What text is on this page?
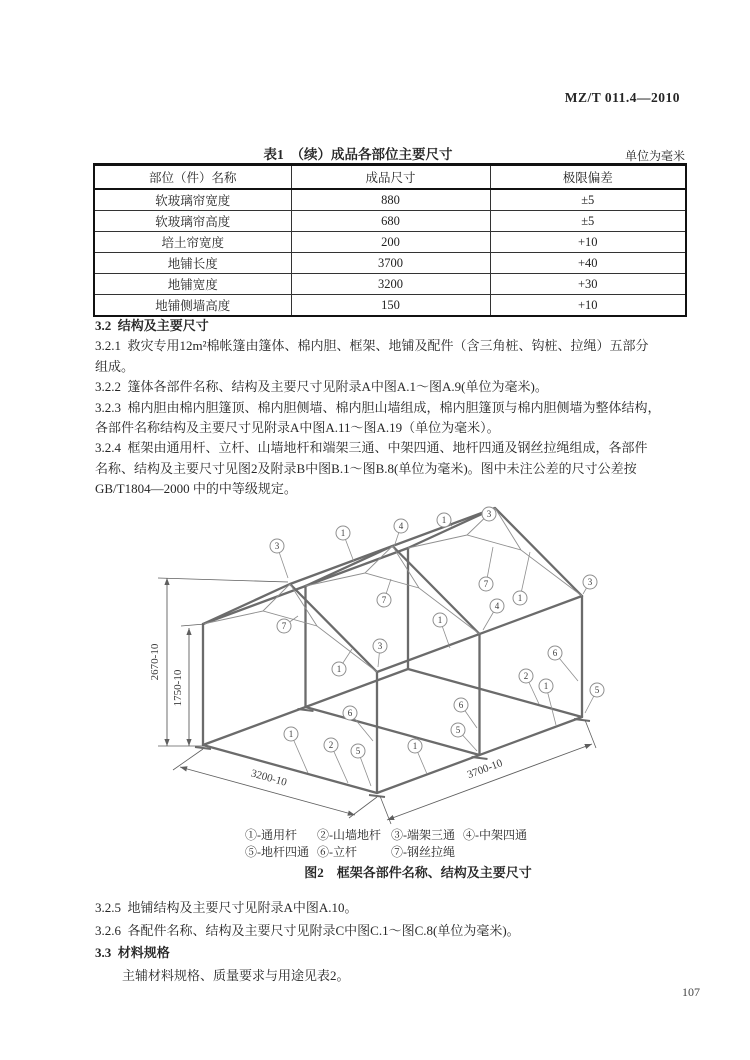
MZ/T 011.4—2010
表1　（续）成品各部位主要尺寸	单位为毫米
部位（件）名称	成品尺寸	极限偏差
软玻璃帘宽度	880	±5
软玻璃帘高度	680	±5
培土帘宽度	200	+10
地铺长度	3700	+40
地铺宽度	3200	+30
地铺侧墙高度	150	+10
3.2  结构及主要尺寸
3.2.1  救灾专用12m²棉帐篷由篷体、棉内胆、框架、地铺及配件（含三角桩、钩桩、拉绳）五部分
组成。
3.2.2  篷体各部件名称、结构及主要尺寸见附录A中图A.1～图A.9(单位为毫米)。
3.2.3  棉内胆由棉内胆篷顶、棉内胆侧墙、棉内胆山墙组成，棉内胆篷顶与棉内胆侧墙为整体结构，
各部件名称结构及主要尺寸见附录A中图A.11～图A.19（单位为毫米）。
3.2.4  框架由通用杆、立杆、山墙地杆和端架三通、中架四通、地杆四通及钢丝拉绳组成，各部件
名称、结构及主要尺寸见图2及附录B中图B.1～图B.8(单位为毫米)。图中未注公差的尺寸公差按
GB/T1804—2000 中的中等级规定。
2670-10
1750-10
3200-10	3700-10
3
1
4
1
3
7
7
7
1
3
1
4
3
1
6
6
6
5
5
5
2
2
1
1
1
①-通用杆 ②-山墙地杆 ③-端架三通 ④-中架四通
⑤-地杆四通 ⑥-立杆	⑦-钢丝拉绳
图2　框架各部件名称、结构及主要尺寸
3.2.5  地铺结构及主要尺寸见附录A中图A.10。
3.2.6  各配件名称、结构及主要尺寸见附录C中图C.1～图C.8(单位为毫米)。
3.3  材料规格
主辅材料规格、质量要求与用途见表2。
107
